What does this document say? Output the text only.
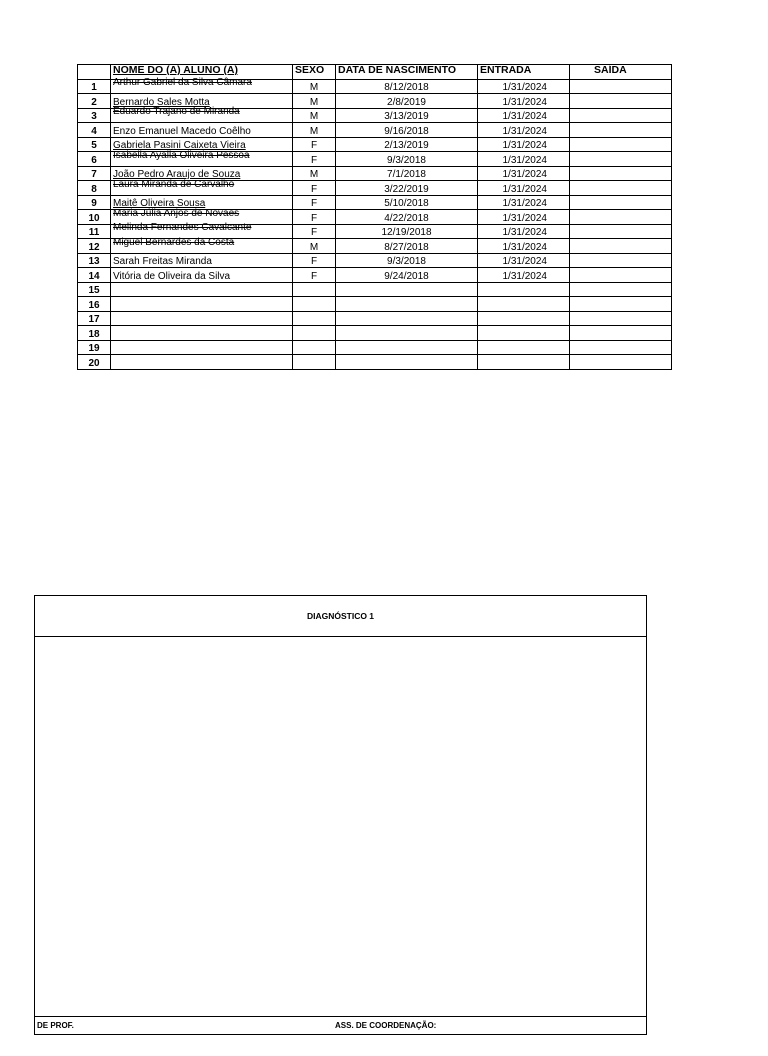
	NOME DO (A) ALUNO (A)	SEXO	DATA DE NASCIMENTO	ENTRADA	SAÍDA
1	Arthur Gabriel da Silva Câmara	M	8/12/2018	1/31/2024	
2	Bernardo Sales Motta	M	2/8/2019	1/31/2024	
3	Eduardo Trajano de Miranda	M	3/13/2019	1/31/2024	
4	Enzo Emanuel Macedo Coêlho	M	9/16/2018	1/31/2024	
5	Gabriela Pasini Caixeta Vieira	F	2/13/2019	1/31/2024	
6	Isabella Ayalla Oliveira Pessoa	F	9/3/2018	1/31/2024	
7	João Pedro Araujo de Souza	M	7/1/2018	1/31/2024	
8	Laura Miranda de Carvalho	F	3/22/2019	1/31/2024	
9	Maitê Oliveira Sousa	F	5/10/2018	1/31/2024	
10	Maria Júlia Anjos de Novaes	F	4/22/2018	1/31/2024	
11	Melinda Fernandes Cavalcante	F	12/19/2018	1/31/2024	
12	Miguel Bernardes da Costa	M	8/27/2018	1/31/2024	
13	Sarah Freitas Miranda	F	9/3/2018	1/31/2024	
14	Vitória de Oliveira da Silva	F	9/24/2018	1/31/2024	
15					
16					
17					
18					
19					
20					
DIAGNÓSTICO 1
DE PROF.	ASS. DE COORDENAÇÃO:
